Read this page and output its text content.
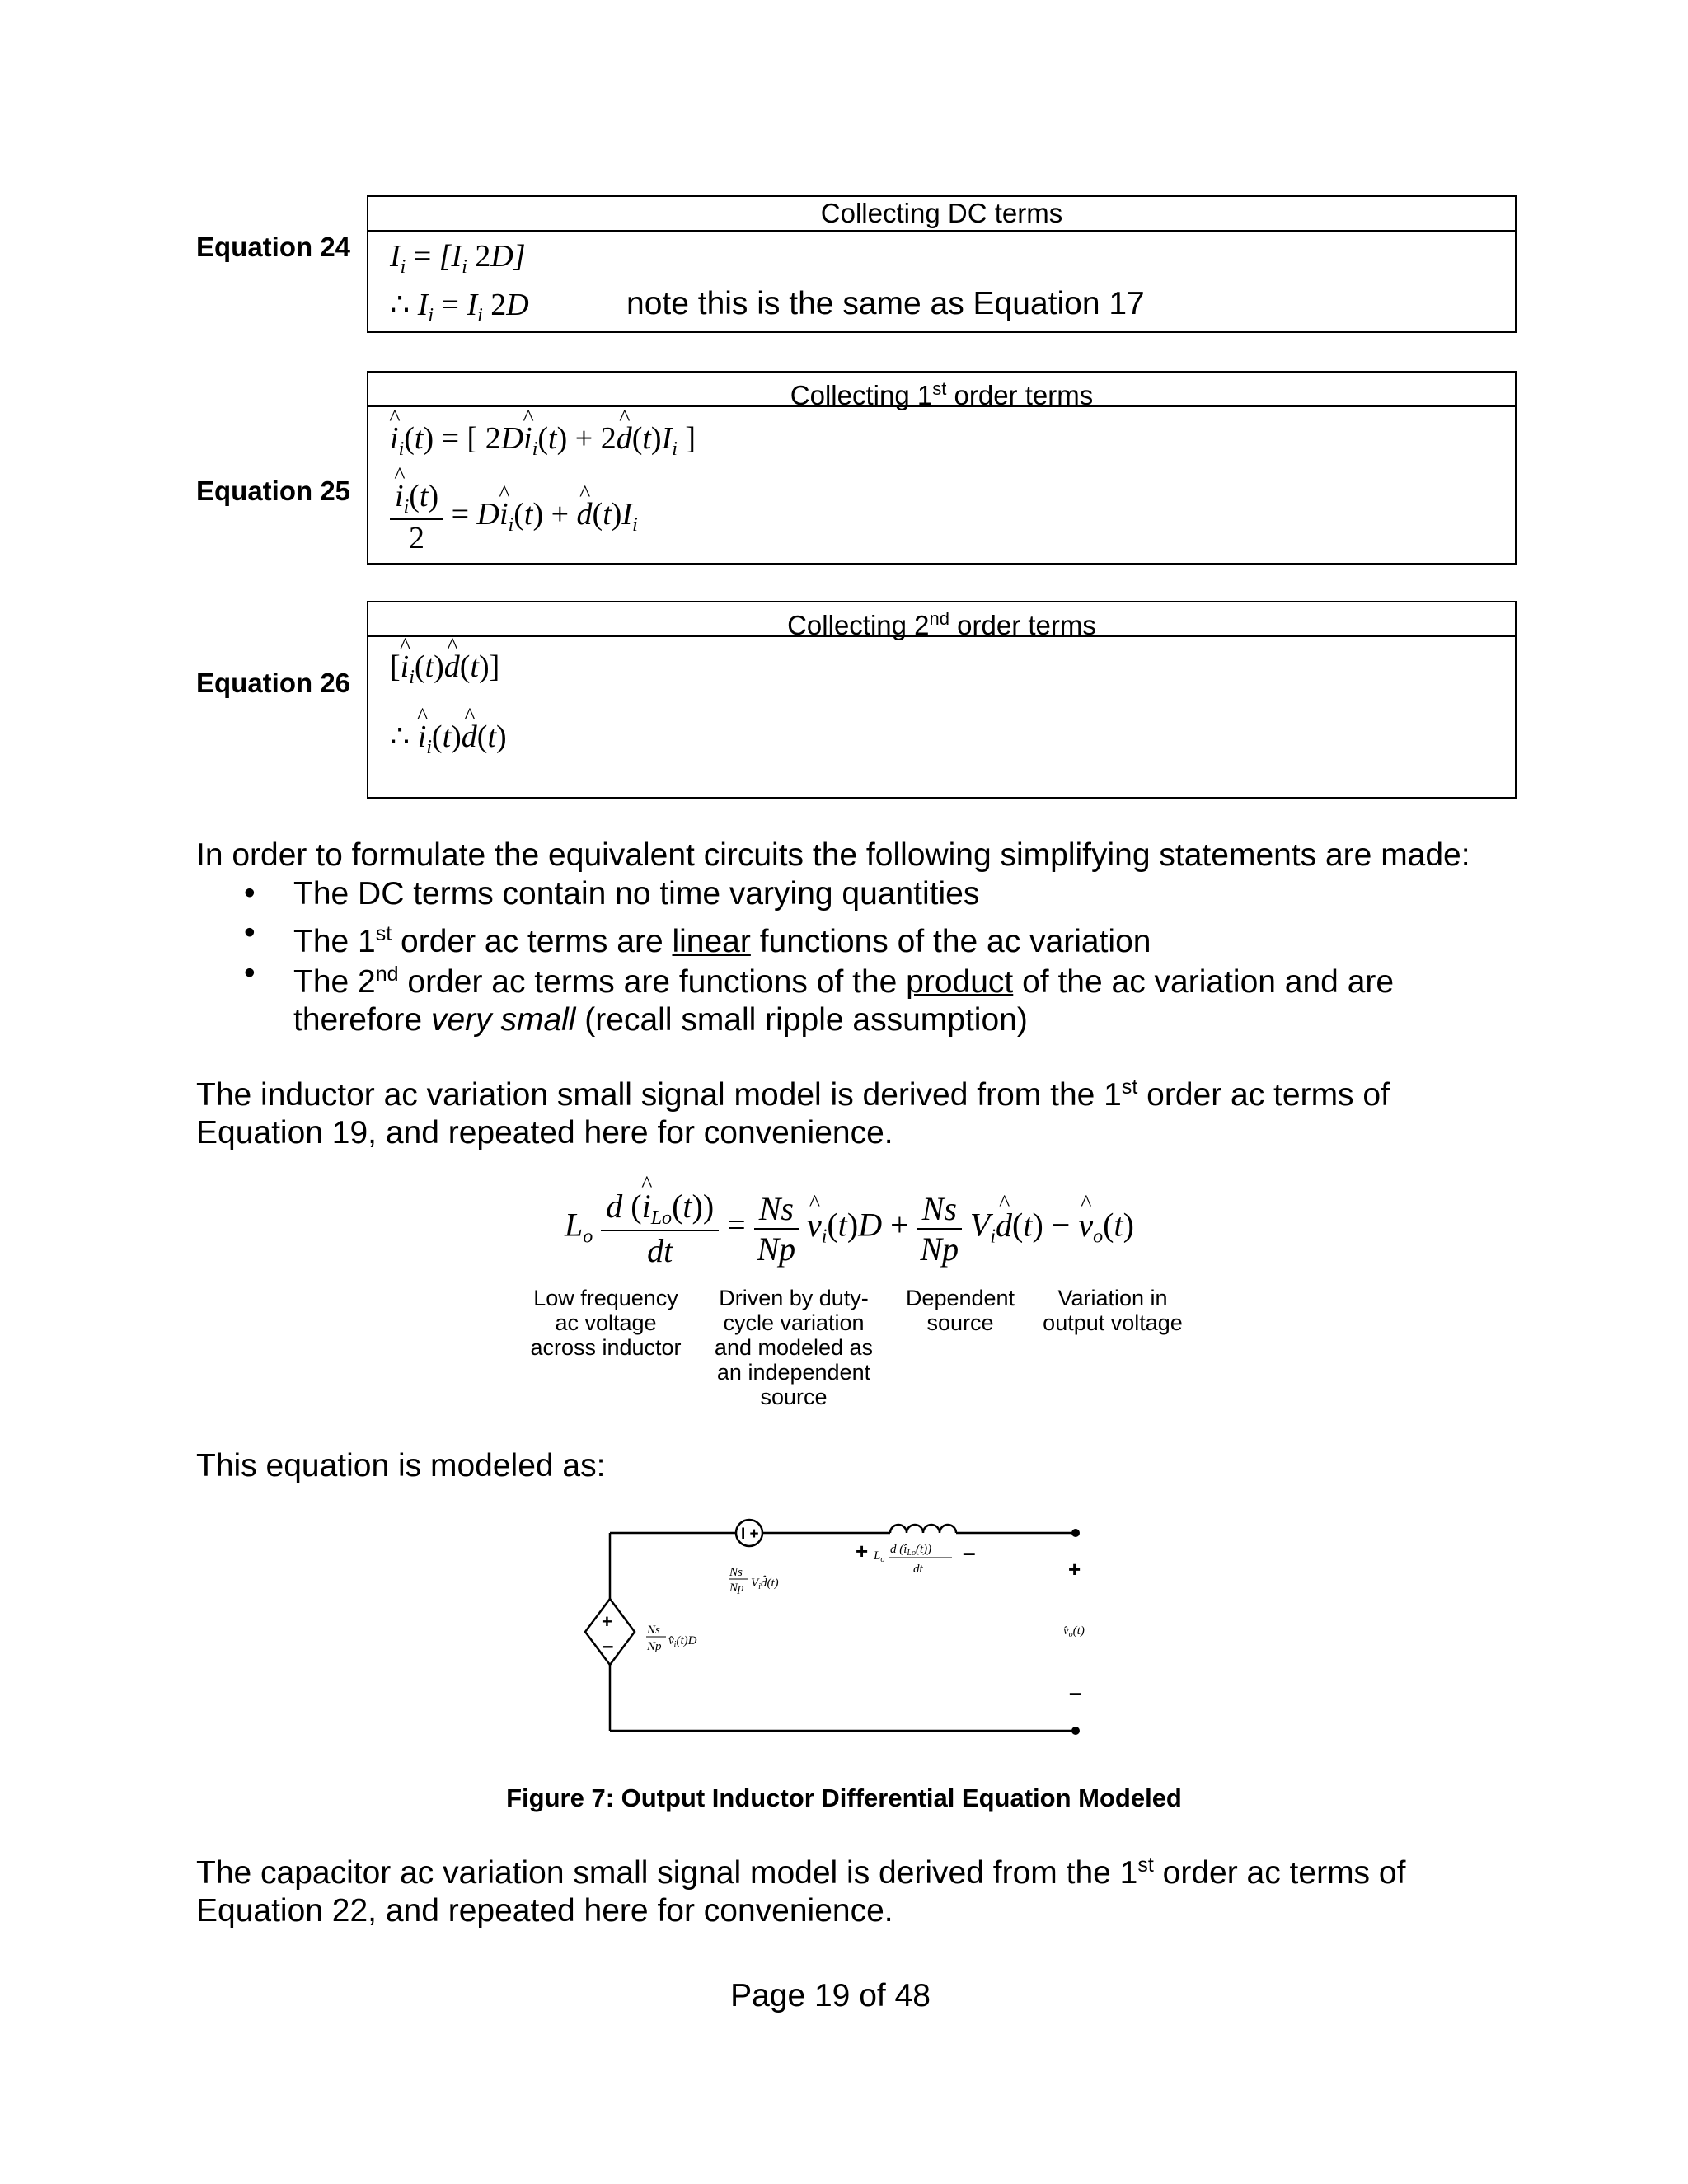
Equation 24
Collecting DC terms
$I_i = [I_i$ 2D]
∴ $I_i = I_i$ 2D	note this is the same as Equation 17
Equation 25
Collecting 1st order terms
^ $i_i(t)$ = [ 2D^ $i_i(t)$ + 2^ $d(t)I_i$ ]
^ $\frac{i_i(t)}{2}$ = D^ $i_i(t)$ + ^ $d(t)I_i$
Equation 26
Collecting 2nd order terms
[^ $i_i(t)\^{}$ d(t)]
∴ ^ $i_i(t)\^{}$ d(t)
In order to formulate the equivalent circuits the following simplifying statements are made:
• The DC terms contain no time varying quantities
• The 1st order ac terms are linear functions of the ac variation
• The 2nd order ac terms are functions of the product of the ac variation and are
therefore very small (recall small ripple assumption)
The inductor ac variation small signal model is derived from the 1st order ac terms of
Equation 19, and repeated here for convenience.
$L_o \frac{d (\^{} i_{Lo}(t))}{dt} = \frac{Ns}{Np}$ ^ $v_i(t)D + \frac{Ns}{Np}$ $V_i\^{}$ d(t) − ^ $v_o(t)$
Low frequency
ac voltage
across inductor
Driven by duty-
cycle variation
and modeled as
an independent
source
Dependent
source
Variation in
output voltage
This equation is modeled as:
+
–
I +
+	–
+
–
Ns
Np $V_id̂(t)$
$L_o$
d $(î_{Lo}(t))$
dt
Ns
Np $v̂_i(t)D$
$v̂_o(t)$
Figure 7: Output Inductor Differential Equation Modeled
The capacitor ac variation small signal model is derived from the 1st order ac terms of
Equation 22, and repeated here for convenience.
Page 19 of 48
